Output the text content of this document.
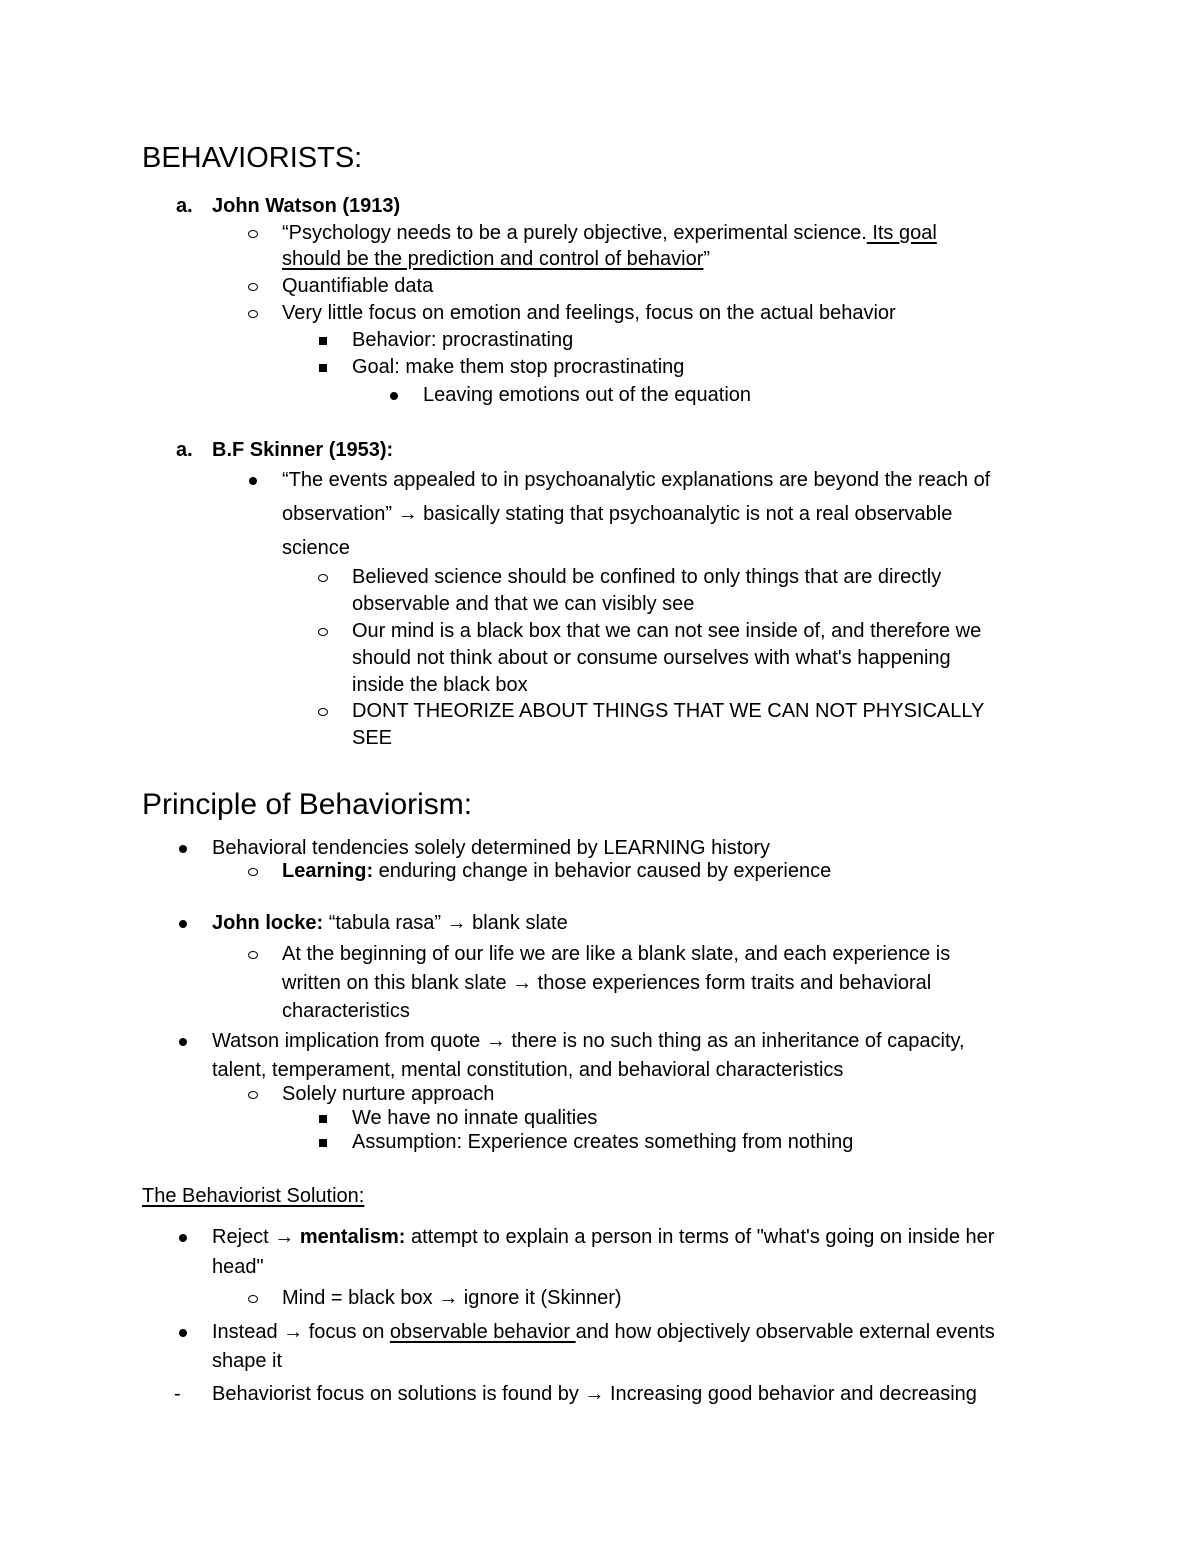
BEHAVIORISTS:
a. John Watson (1913)
“Psychology needs to be a purely objective, experimental science. Its goal
should be the prediction and control of behavior”
Quantifiable data
Very little focus on emotion and feelings, focus on the actual behavior
Behavior: procrastinating
Goal: make them stop procrastinating
Leaving emotions out of the equation
a. B.F Skinner (1953):
“The events appealed to in psychoanalytic explanations are beyond the reach of
observation” → basically stating that psychoanalytic is not a real observable
science
Believed science should be confined to only things that are directly
observable and that we can visibly see
Our mind is a black box that we can not see inside of, and therefore we
should not think about or consume ourselves with what's happening
inside the black box
DONT THEORIZE ABOUT THINGS THAT WE CAN NOT PHYSICALLY
SEE
Principle of Behaviorism:
Behavioral tendencies solely determined by LEARNING history
Learning: enduring change in behavior caused by experience
John locke: “tabula rasa” → blank slate
At the beginning of our life we are like a blank slate, and each experience is
written on this blank slate → those experiences form traits and behavioral
characteristics
Watson implication from quote → there is no such thing as an inheritance of capacity,
talent, temperament, mental constitution, and behavioral characteristics
Solely nurture approach
We have no innate qualities
Assumption: Experience creates something from nothing
The Behaviorist Solution:
Reject → mentalism: attempt to explain a person in terms of "what's going on inside her
head"
Mind = black box → ignore it (Skinner)
Instead → focus on observable behavior and how objectively observable external events
shape it
- Behaviorist focus on solutions is found by → Increasing good behavior and decreasing
